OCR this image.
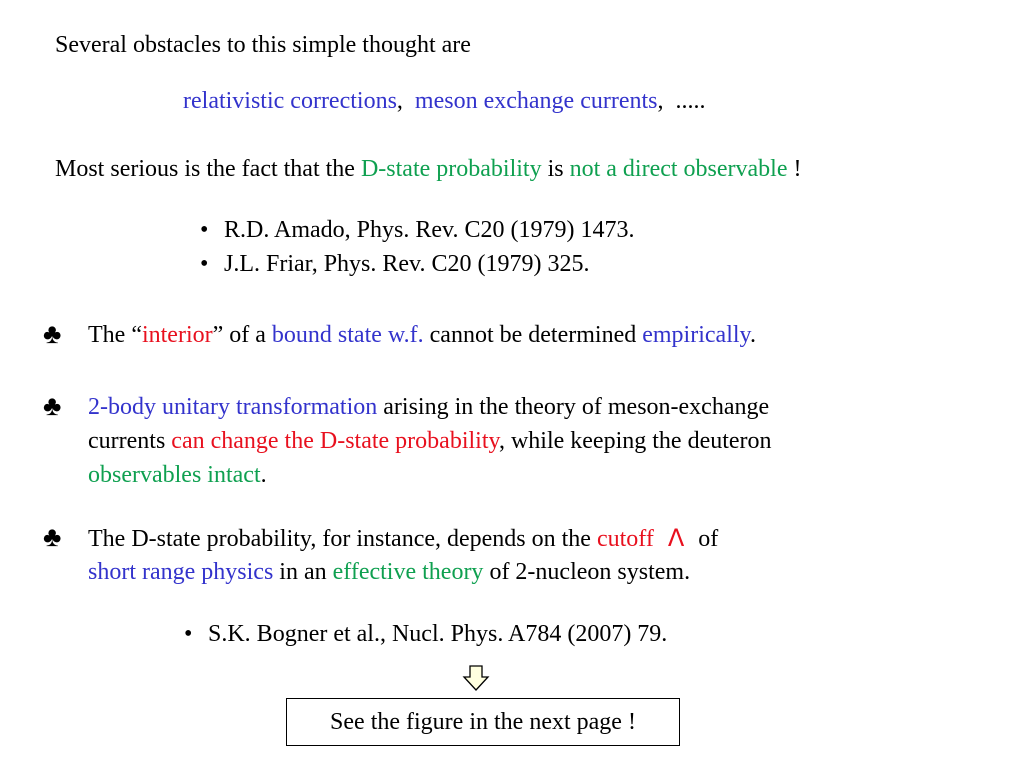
Several obstacles to this simple thought are
relativistic corrections,  meson exchange currents,  .....
Most serious is the fact that the D-state probability is not a direct observable !
• R.D. Amado, Phys. Rev. C20 (1979) 1473.
• J.L. Friar, Phys. Rev. C20 (1979) 325.
♣ The “interior” of a bound state w.f. cannot be determined empirically.
♣ 2-body unitary transformation arising in the theory of meson-exchange
currents can change the D-state probability, while keeping the deuteron
observables intact.
♣ The D-state probability, for instance, depends on the cutoff Λ of
short range physics in an effective theory of 2-nucleon system.
• S.K. Bogner et al., Nucl. Phys. A784 (2007) 79.
See the figure in the next page !
